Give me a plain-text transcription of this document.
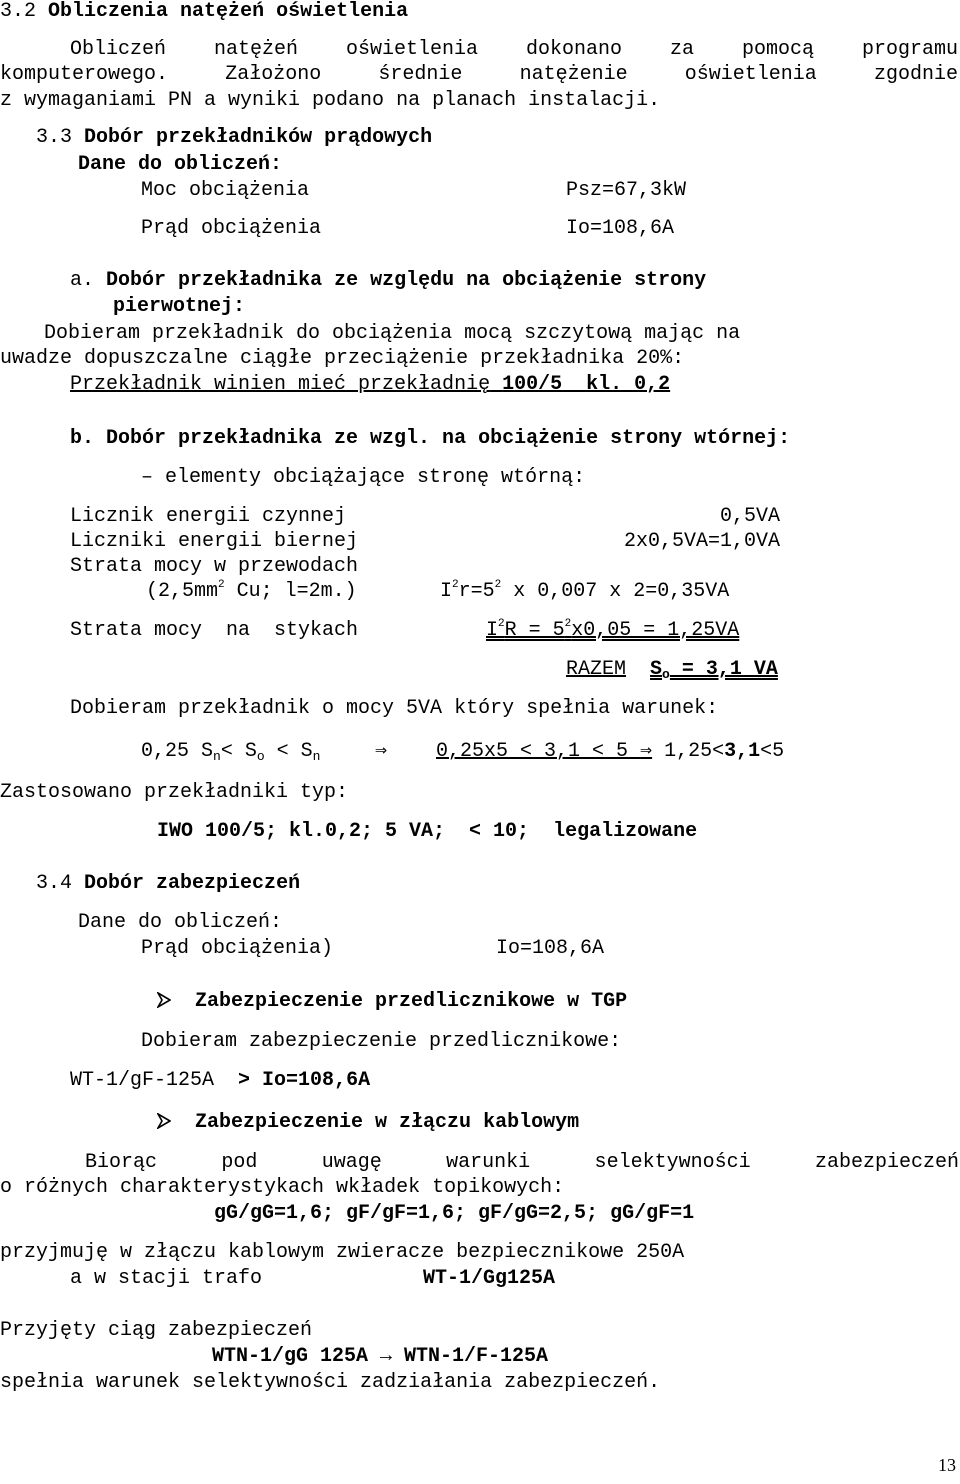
3.2 Obliczenia natężeń oświetlenia
Obliczeń natężeń oświetlenia dokonano za pomocą programu
komputerowego. Założono średnie natężenie oświetlenia zgodnie
z wymaganiami PN a wyniki podano na planach instalacji.
3.3 Dobór przekładników prądowych
Dane do obliczeń:
Moc obciążenia	Psz=67,3kW
Prąd obciążenia	Io=108,6A
a. Dobór przekładnika ze względu na obciążenie strony
pierwotnej:
Dobieram przekładnik do obciążenia mocą szczytową mając na
uwadze dopuszczalne ciągłe przeciążenie przekładnika 20%:
Przekładnik winien mieć przekładnię 100/5  kl. 0,2
b. Dobór przekładnika ze wzgl. na obciążenie strony wtórnej:
– elementy obciążające stronę wtórną:
Licznik energii czynnej	0,5VA
Liczniki energii biernej	2x0,5VA=1,0VA
Strata mocy w przewodach
($2,5mm^2$ Cu; l=2m.)	$I^2r=5^2$ x 0,007 x 2=0,35VA
Strata mocy  na  stykach	$I^2R = 5^2x0,05 = 1,25VA$
RAZEM $S_o = 3,1$ VA
Dobieram przekładnik o mocy 5VA który spełnia warunek:
0,25 $S_n< S_o < S_n$	⇒ 0,25x5 < 3,1 < 5 ⇒ 1,25<3,1<5
Zastosowano przekładniki typ:
IWO 100/5; kl.0,2; 5 VA;  < 10;  legalizowane
3.4 Dobór zabezpieczeń
Dane do obliczeń:
Prąd obciążenia)	Io=108,6A
Zabezpieczenie przedlicznikowe w TGP
Dobieram zabezpieczenie przedlicznikowe:
WT-1/gF-125A > Io=108,6A
Zabezpieczenie w złączu kablowym
Biorąc pod uwagę warunki selektywności zabezpieczeń
o różnych charakterystykach wkładek topikowych:
gG/gG=1,6; gF/gF=1,6; gF/gG=2,5; gG/gF=1
przyjmuję w złączu kablowym zwieracze bezpiecznikowe 250A
a w stacji trafo	WT-1/Gg125A
Przyjęty ciąg zabezpieczeń
WTN-1/gG 125A → WTN-1/F-125A
spełnia warunek selektywności zadziałania zabezpieczeń.
13
